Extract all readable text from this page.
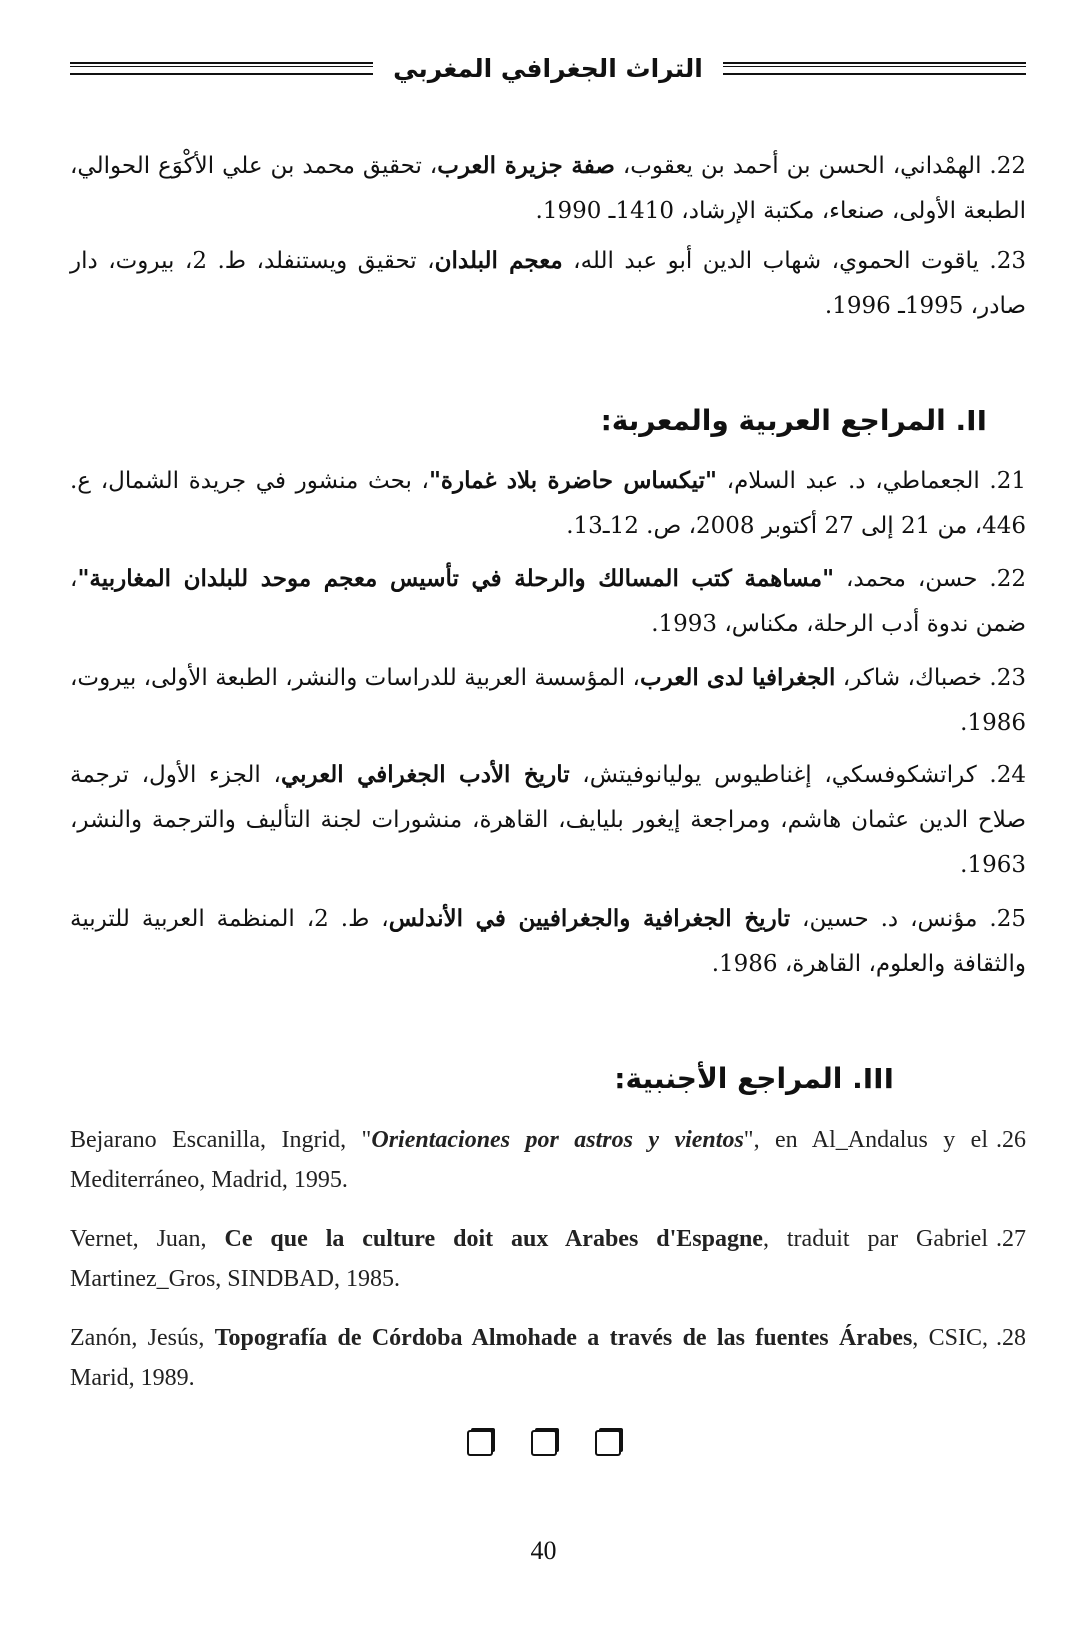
التراث الجغرافي المغربي

22. الهمْداني، الحسن بن أحمد بن يعقوب، صفة جزيرة العرب، تحقيق محمد بن علي الأكْوَع الحوالي، الطبعة الأولى، صنعاء، مكتبة الإرشاد، 1410ـ 1990.

23. ياقوت الحموي، شهاب الدين أبو عبد الله، معجم البلدان، تحقيق ويستنفلد، ط. 2، بيروت، دار صادر، 1995ـ 1996.

II. المراجع العربية والمعربة:

21. الجعماطي، د. عبد السلام، "تيكساس حاضرة بلاد غمارة"، بحث منشور في جريدة الشمال، ع. 446، من 21 إلى 27 أكتوبر 2008، ص. 12ـ13.

22. حسن، محمد، "مساهمة كتب المسالك والرحلة في تأسيس معجم موحد للبلدان المغاربية"، ضمن ندوة أدب الرحلة، مكناس، 1993.

23. خصباك، شاكر، الجغرافيا لدى العرب، المؤسسة العربية للدراسات والنشر، الطبعة الأولى، بيروت، 1986.

24. كراتشكوفسكي، إغناطيوس يوليانوفيتش، تاريخ الأدب الجغرافي العربي، الجزء الأول، ترجمة صلاح الدين عثمان هاشم، ومراجعة إيغور بليايف، القاهرة، منشورات لجنة التأليف والترجمة والنشر، 1963.

25. مؤنس، د. حسين، تاريخ الجغرافية والجغرافيين في الأندلس، ط. 2، المنظمة العربية للتربية والثقافة والعلوم، القاهرة، 1986.

III. المراجع الأجنبية:
.26
Bejarano Escanilla, Ingrid, "Orientaciones por astros y vientos", en Al_Andalus y el Mediterráneo, Madrid, 1995.
.27
Vernet, Juan, Ce que la culture doit aux Arabes d'Espagne, traduit par Gabriel Martinez_Gros, SINDBAD, 1985.
.28
Zanón, Jesús, Topografía de Córdoba Almohade a través de las fuentes Árabes, CSIC, Marid, 1989.
40
